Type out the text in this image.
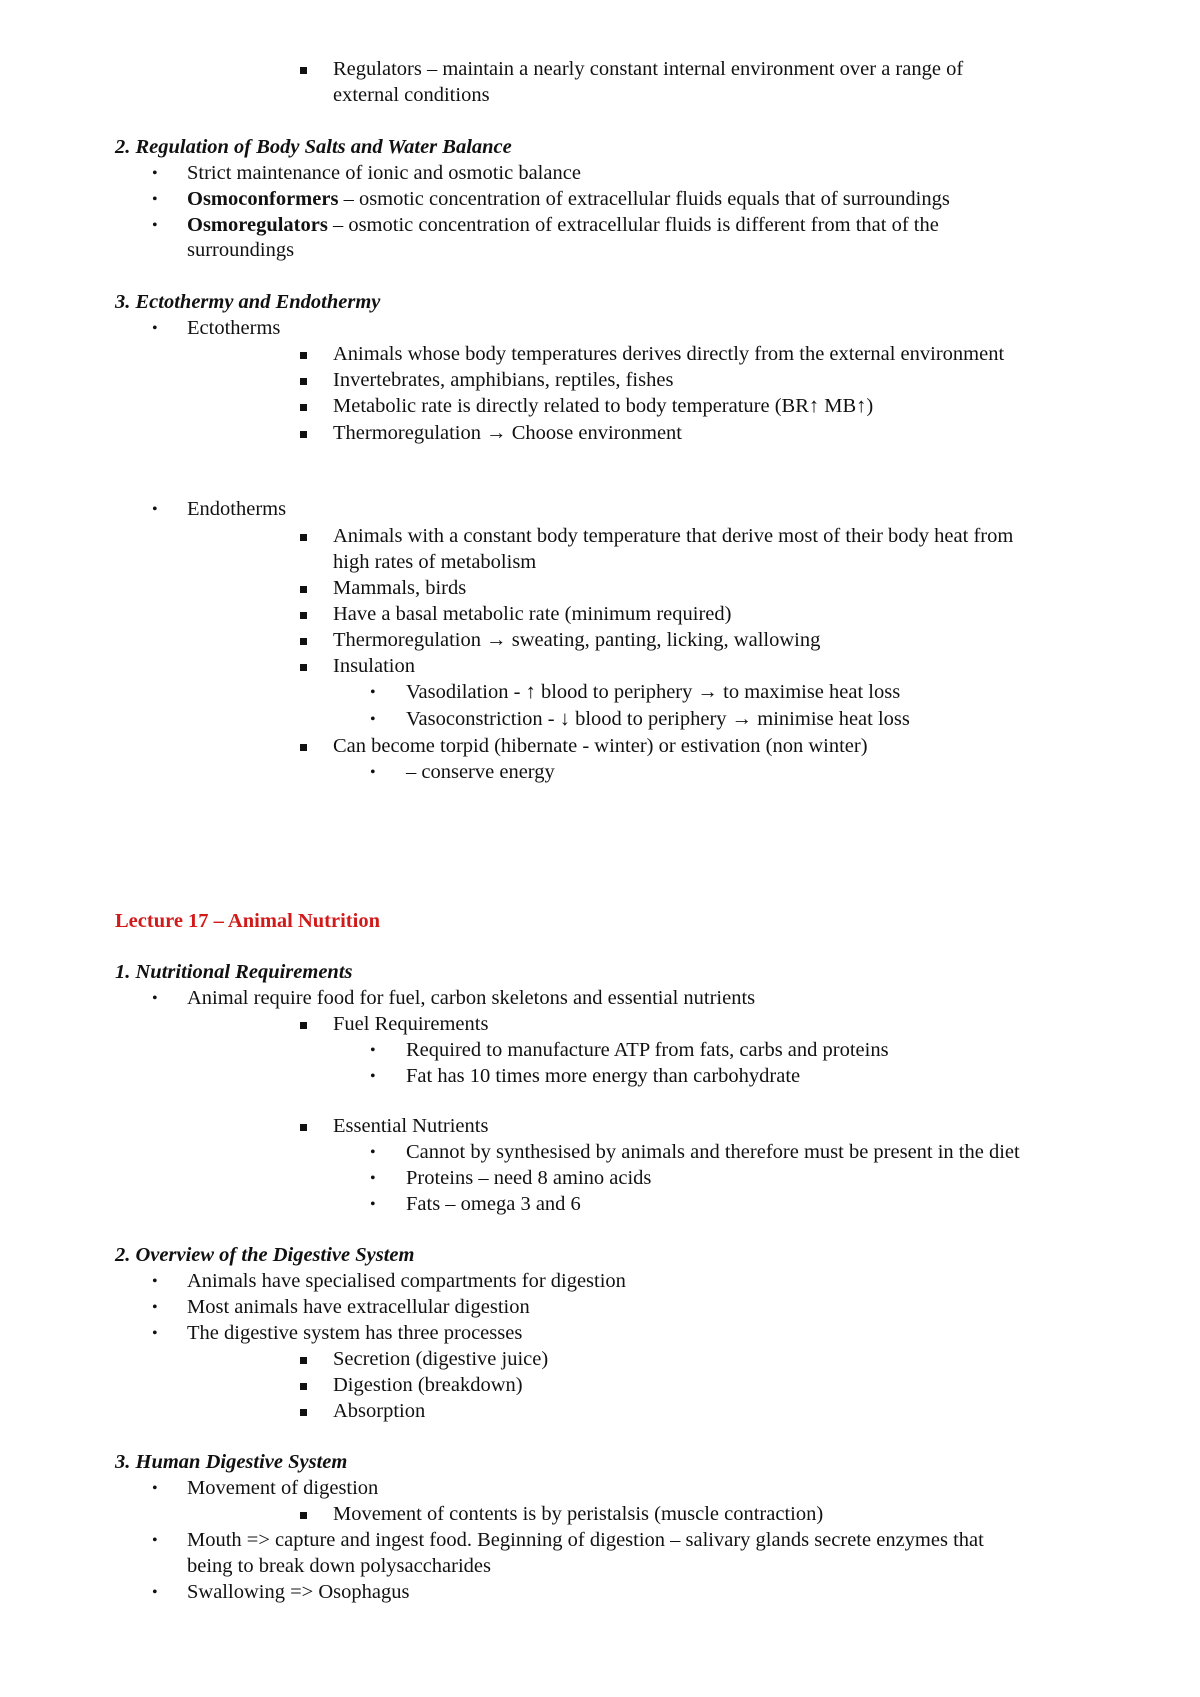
Regulators – maintain a nearly constant internal environment over a range of
external conditions
2. Regulation of Body Salts and Water Balance
• Strict maintenance of ionic and osmotic balance
• Osmoconformers – osmotic concentration of extracellular fluids equals that of surroundings
• Osmoregulators – osmotic concentration of extracellular fluids is different from that of the
surroundings
3. Ectothermy and Endothermy
• Ectotherms
Animals whose body temperatures derives directly from the external environment
Invertebrates, amphibians, reptiles, fishes
Metabolic rate is directly related to body temperature (BR↑ MB↑)
Thermoregulation → Choose environment
• Endotherms
Animals with a constant body temperature that derive most of their body heat from
high rates of metabolism
Mammals, birds
Have a basal metabolic rate (minimum required)
Thermoregulation → sweating, panting, licking, wallowing
Insulation
• Vasodilation - ↑ blood to periphery → to maximise heat loss
• Vasoconstriction - ↓ blood to periphery → minimise heat loss
Can become torpid (hibernate - winter) or estivation (non winter)
• – conserve energy
Lecture 17 – Animal Nutrition
1. Nutritional Requirements
• Animal require food for fuel, carbon skeletons and essential nutrients
Fuel Requirements
• Required to manufacture ATP from fats, carbs and proteins
• Fat has 10 times more energy than carbohydrate
Essential Nutrients
• Cannot by synthesised by animals and therefore must be present in the diet
• Proteins – need 8 amino acids
• Fats – omega 3 and 6
2. Overview of the Digestive System
• Animals have specialised compartments for digestion
• Most animals have extracellular digestion
• The digestive system has three processes
Secretion (digestive juice)
Digestion (breakdown)
Absorption
3. Human Digestive System
• Movement of digestion
Movement of contents is by peristalsis (muscle contraction)
• Mouth => capture and ingest food. Beginning of digestion – salivary glands secrete enzymes that
being to break down polysaccharides
• Swallowing => Osophagus
